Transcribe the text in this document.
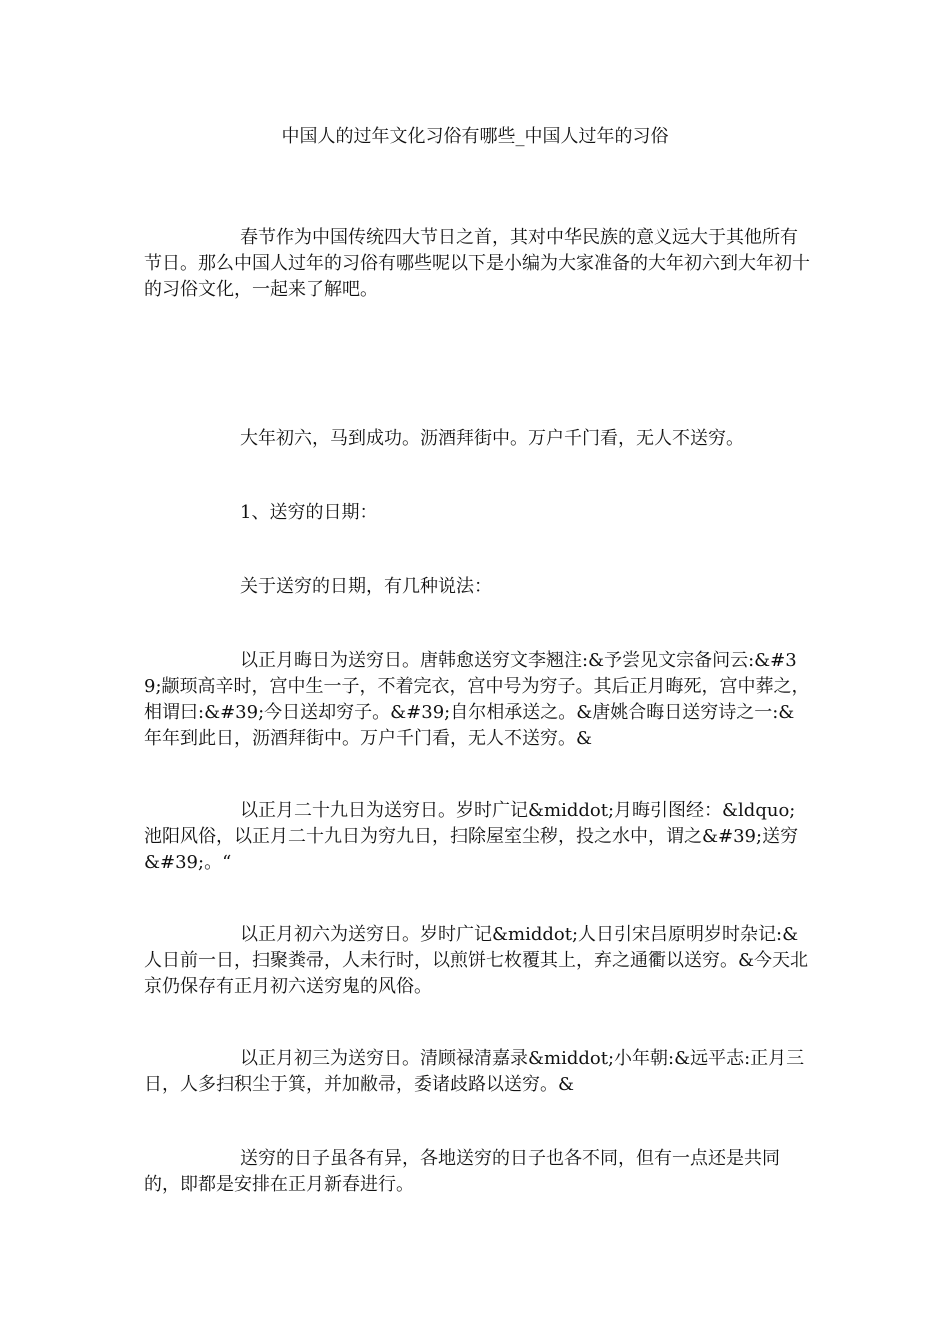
中国人的过年文化习俗有哪些_中国人过年的习俗

春节作为中国传统四大节日之首，其对中华民族的意义远大于其他所有节日。那么中国人过年的习俗有哪些呢以下是小编为大家准备的大年初六到大年初十的习俗文化，一起来了解吧。

大年初六，马到成功。沥酒拜街中。万户千门看，无人不送穷。

1、送穷的日期：

关于送穷的日期，有几种说法：

以正月晦日为送穷日。唐韩愈送穷文李翘注:&予尝见文宗备问云:&#39;颛顼高辛时，宫中生一子，不着完衣，宫中号为穷子。其后正月晦死，宫中葬之，相谓曰:&#39;今日送却穷子。&#39;自尔相承送之。&唐姚合晦日送穷诗之一:&年年到此日，沥酒拜街中。万户千门看，无人不送穷。&

以正月二十九日为送穷日。岁时广记&middot;月晦引图经：&ldquo;池阳风俗，以正月二十九日为穷九日，扫除屋室尘秽，投之水中，谓之&#39;送穷&#39;。“

以正月初六为送穷日。岁时广记&middot;人日引宋吕原明岁时杂记:&人日前一日，扫聚粪帚，人未行时，以煎饼七枚覆其上，弃之通衢以送穷。&今天北京仍保存有正月初六送穷鬼的风俗。

以正月初三为送穷日。清顾禄清嘉录&middot;小年朝:&远平志:正月三日，人多扫积尘于箕，并加敝帚，委诸歧路以送穷。&

送穷的日子虽各有异，各地送穷的日子也各不同，但有一点还是共同的，即都是安排在正月新春进行。
